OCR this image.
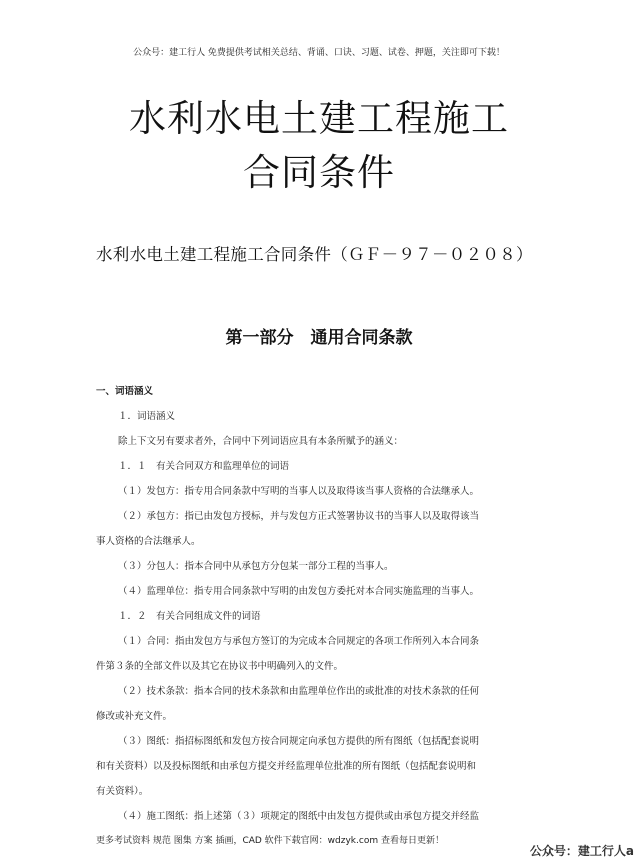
公众号：建工行人 免费提供考试相关总结、背诵、口诀、习题、试卷、押题，关注即可下载！
水利水电土建工程施工
合同条件
水利水电土建工程施工合同条件（ＧＦ－９７－０２０８）
第一部分　通用合同条款
一、词语涵义
１．词语涵义
除上下文另有要求者外，合同中下列词语应具有本条所赋予的涵义：
１．１　有关合同双方和监理单位的词语
（１）发包方：指专用合同条款中写明的当事人以及取得该当事人资格的合法继承人。
（２）承包方：指已由发包方授标，并与发包方正式签署协议书的当事人以及取得该当
事人资格的合法继承人。
（３）分包人：指本合同中从承包方分包某一部分工程的当事人。
（４）监理单位：指专用合同条款中写明的由发包方委托对本合同实施监理的当事人。
１．２　有关合同组成文件的词语
（１）合同：指由发包方与承包方签订的为完成本合同规定的各项工作所列入本合同条
件第３条的全部文件以及其它在协议书中明确列入的文件。
（２）技术条款：指本合同的技术条款和由监理单位作出的或批准的对技术条款的任何
修改或补充文件。
（３）图纸：指招标图纸和发包方按合同规定向承包方提供的所有图纸（包括配套说明
和有关资料）以及投标图纸和由承包方提交并经监理单位批准的所有图纸（包括配套说明和
有关资料）。
（４）施工图纸：指上述第（３）项规定的图纸中由发包方提供或由承包方提交并经监
更多考试资料 规范 图集 方案 插画，CAD 软件下载官网：wdzyk.com 查看每日更新！
公众号：建工行人a
